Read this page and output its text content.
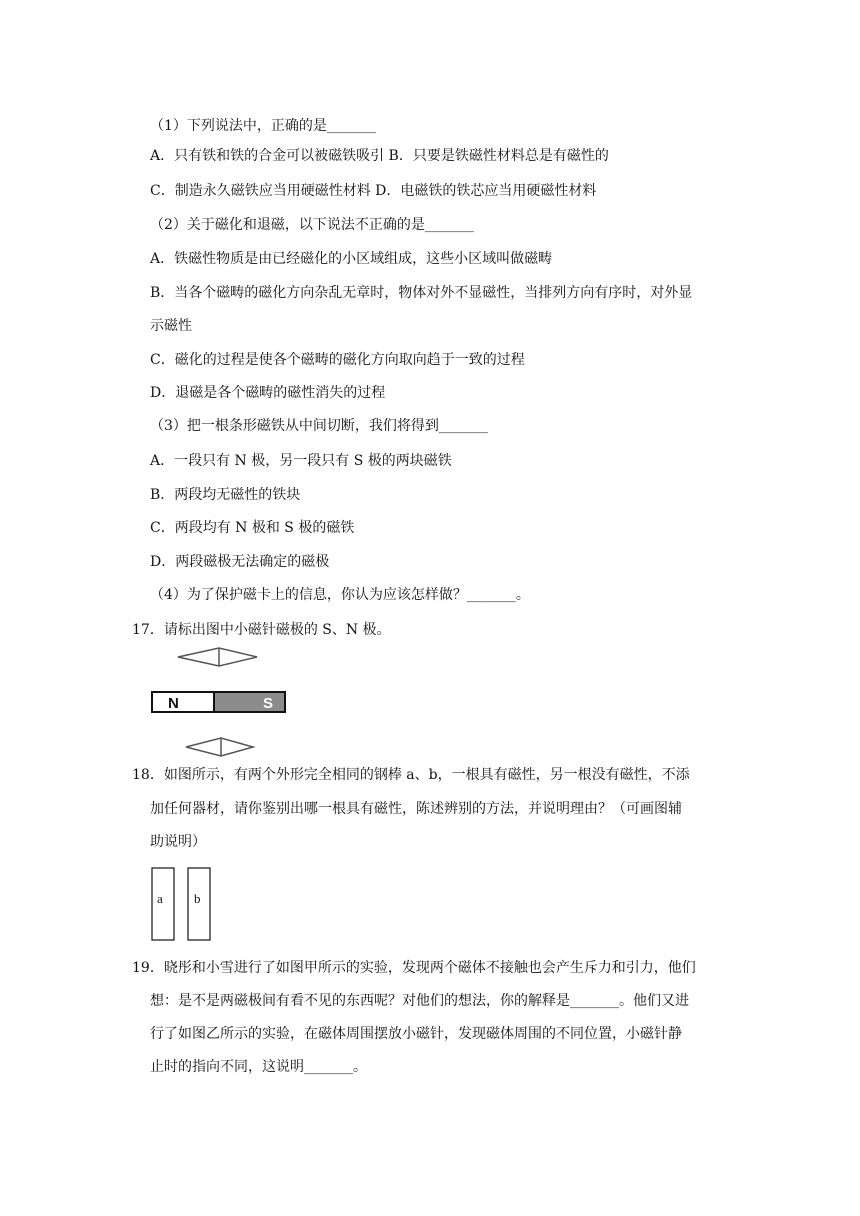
（1）下列说法中，正确的是_______
A．只有铁和铁的合金可以被磁铁吸引 B．只要是铁磁性材料总是有磁性的
C．制造永久磁铁应当用硬磁性材料 D．电磁铁的铁芯应当用硬磁性材料
（2）关于磁化和退磁，以下说法不正确的是_______
A．铁磁性物质是由已经磁化的小区域组成，这些小区域叫做磁畴
B．当各个磁畴的磁化方向杂乱无章时，物体对外不显磁性，当排列方向有序时，对外显
示磁性
C．磁化的过程是使各个磁畴的磁化方向取向趋于一致的过程
D．退磁是各个磁畴的磁性消失的过程
（3）把一根条形磁铁从中间切断，我们将得到_______
A．一段只有 N 极，另一段只有 S 极的两块磁铁
B．两段均无磁性的铁块
C．两段均有 N 极和 S 极的磁铁
D．两段磁极无法确定的磁极
（4）为了保护磁卡上的信息，你认为应该怎样做？_______。
17．请标出图中小磁针磁极的 S、N 极。
N	S
18．如图所示，有两个外形完全相同的钢棒 a、b，一根具有磁性，另一根没有磁性，不添
加任何器材，请你鉴别出哪一根具有磁性，陈述辨别的方法，并说明理由？（可画图辅
助说明）
a b
19．晓彤和小雪进行了如图甲所示的实验，发现两个磁体不接触也会产生斥力和引力，他们
想：是不是两磁极间有看不见的东西呢？对他们的想法，你的解释是_______。他们又进
行了如图乙所示的实验，在磁体周围摆放小磁针，发现磁体周围的不同位置，小磁针静
止时的指向不同，这说明_______。
